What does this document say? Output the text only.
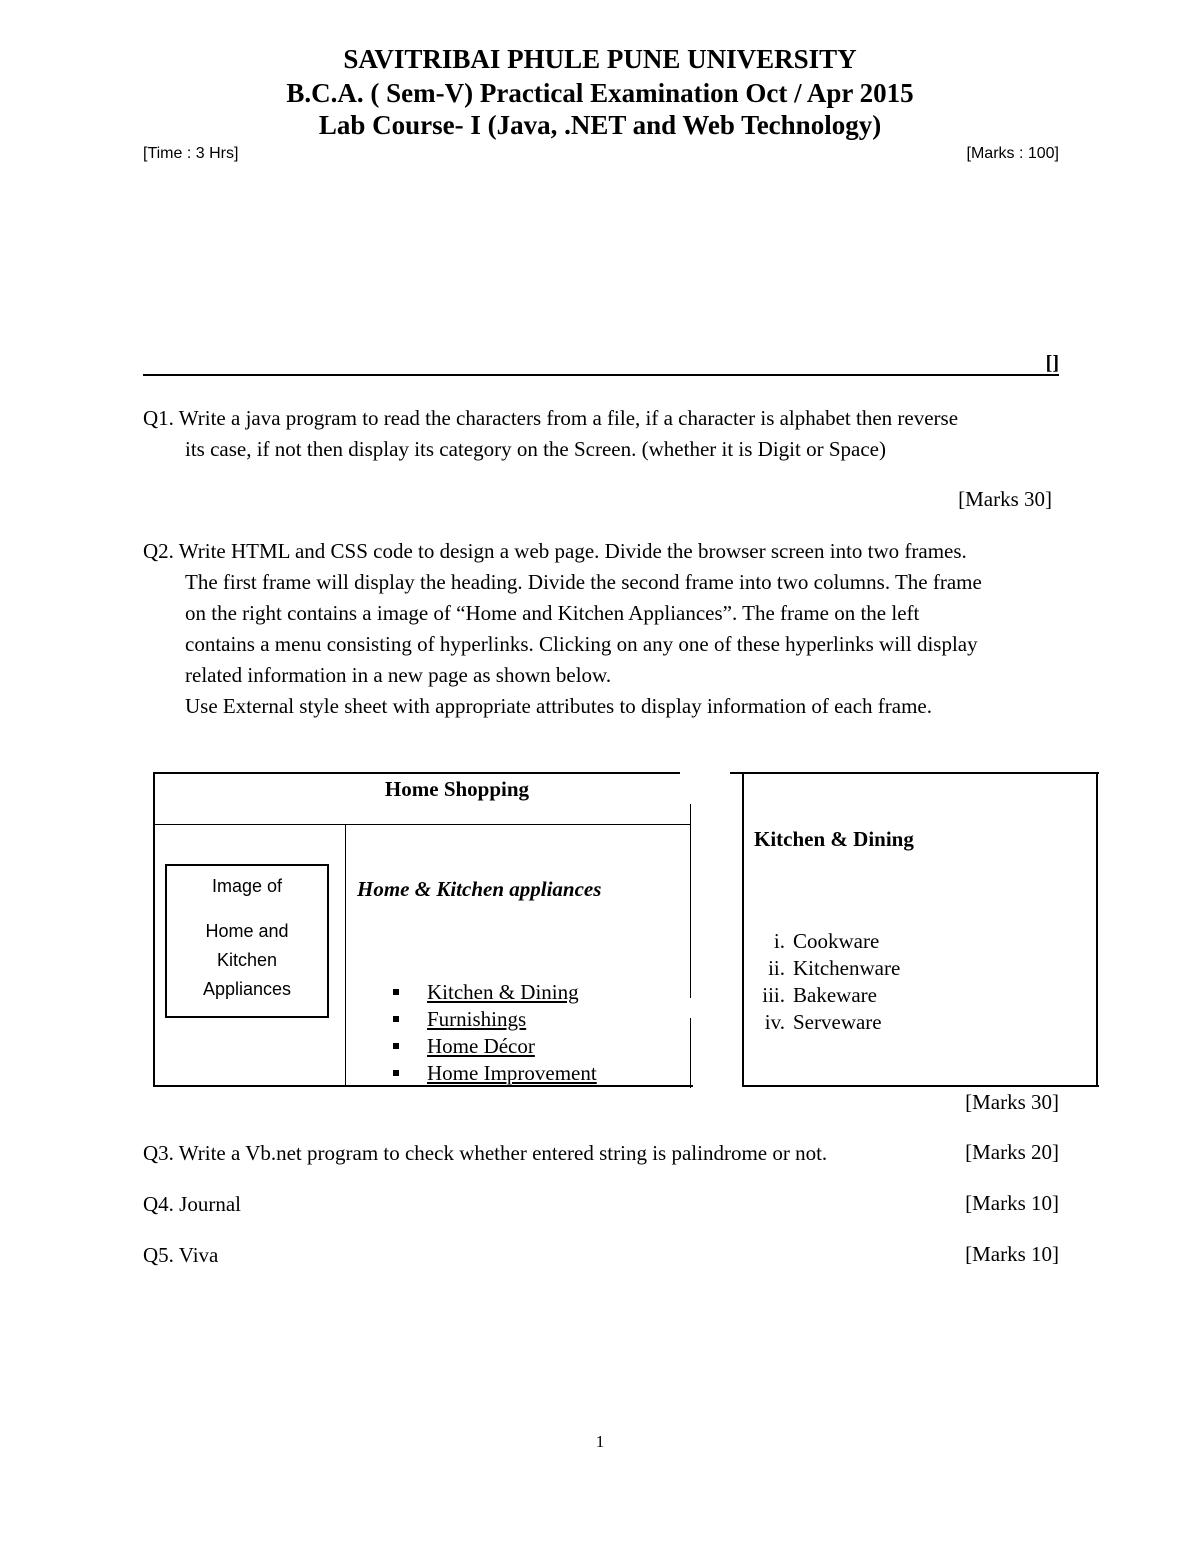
SAVITRIBAI PHULE PUNE UNIVERSITY
B.C.A. ( Sem-V) Practical Examination Oct / Apr 2015
Lab Course- I (Java, .NET and Web Technology)
[Time : 3 Hrs]	[Marks : 100]
[]
Q1. Write a java program to read the characters from a file, if a character is alphabet then reverse
its case, if not then display its category on the Screen. (whether it is Digit or Space)
[Marks 30]
Q2. Write HTML and CSS code to design a web page. Divide the browser screen into two frames.
The first frame will display the heading. Divide the second frame into two columns. The frame
on the right contains a image of “Home and Kitchen Appliances”. The frame on the left
contains a menu consisting of hyperlinks. Clicking on any one of these hyperlinks will display
related information in a new page as shown below.
Use External style sheet with appropriate attributes to display information of each frame.
Home Shopping
Image of
Home and
Kitchen
Appliances
Home & Kitchen appliances
Kitchen & Dining
Furnishings
Home Décor
Home Improvement
Kitchen & Dining
i. Cookware
ii. Kitchenware
iii. Bakeware
iv. Serveware
[Marks 30]
Q3. Write a Vb.net program to check whether entered string is palindrome or not.	[Marks 20]
Q4. Journal	[Marks 10]
Q5. Viva	[Marks 10]
1
